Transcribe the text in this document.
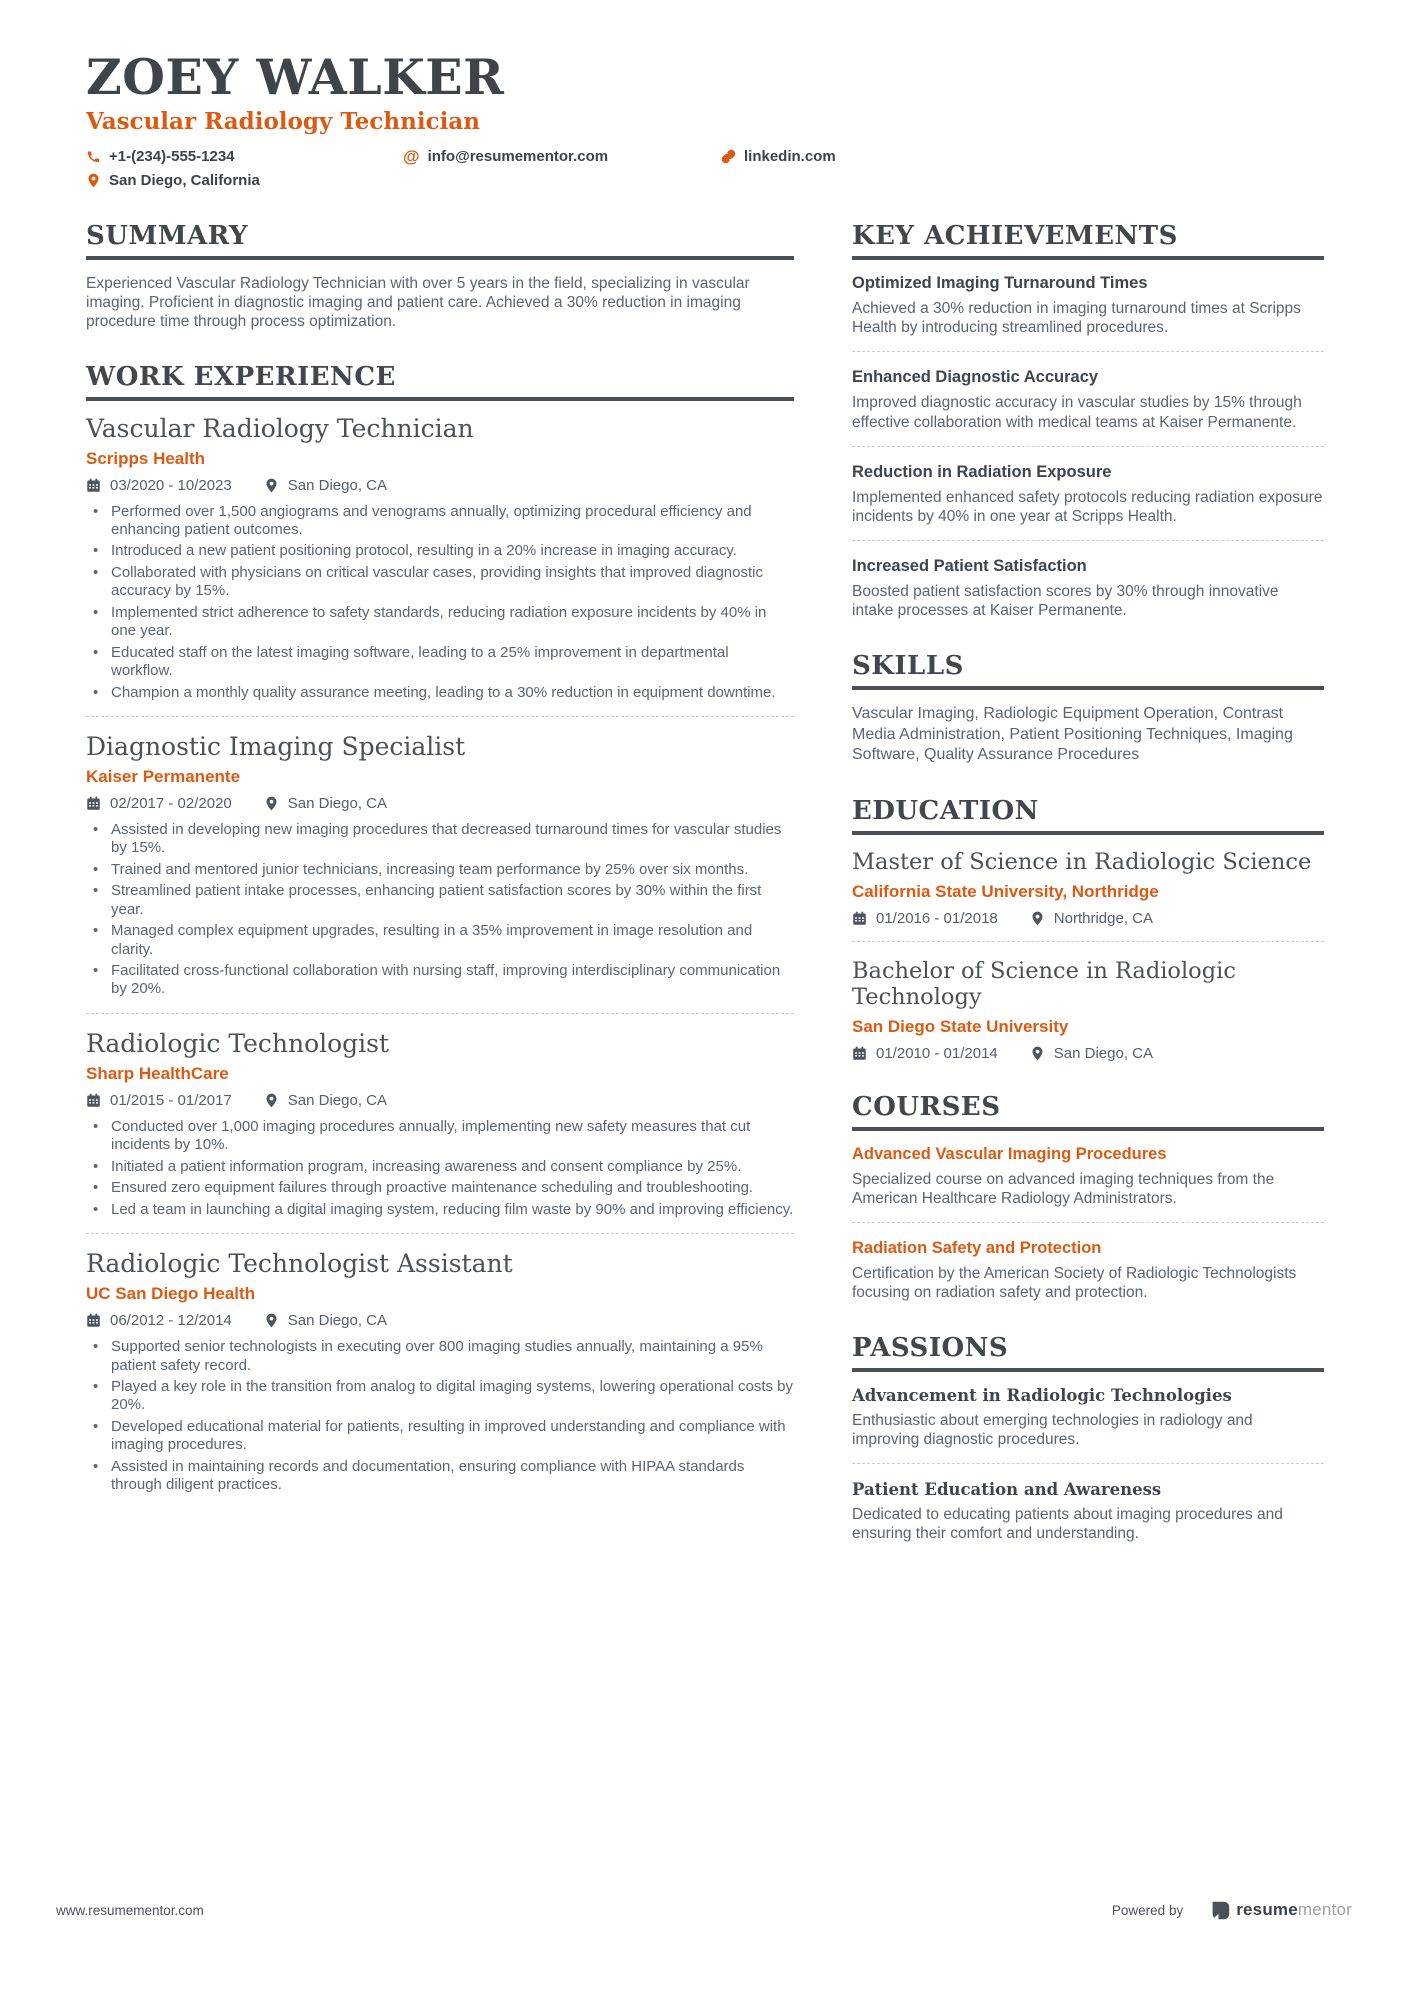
ZOEY WALKER
Vascular Radiology Technician
+1-(234)-555-1234	@ info@resumementor.com	linkedin.com
San Diego, California
SUMMARY
Experienced Vascular Radiology Technician with over 5 years in the field, specializing in vascular imaging. Proficient in diagnostic imaging and patient care. Achieved a 30% reduction in imaging procedure time through process optimization.
WORK EXPERIENCE
Vascular Radiology Technician
Scripps Health
03/2020 - 10/2023	San Diego, CA
• Performed over 1,500 angiograms and venograms annually, optimizing procedural efficiency and enhancing patient outcomes.
• Introduced a new patient positioning protocol, resulting in a 20% increase in imaging accuracy.
• Collaborated with physicians on critical vascular cases, providing insights that improved diagnostic accuracy by 15%.
• Implemented strict adherence to safety standards, reducing radiation exposure incidents by 40% in one year.
• Educated staff on the latest imaging software, leading to a 25% improvement in departmental workflow.
• Champion a monthly quality assurance meeting, leading to a 30% reduction in equipment downtime.
Diagnostic Imaging Specialist
Kaiser Permanente
02/2017 - 02/2020	San Diego, CA
• Assisted in developing new imaging procedures that decreased turnaround times for vascular studies by 15%.
• Trained and mentored junior technicians, increasing team performance by 25% over six months.
• Streamlined patient intake processes, enhancing patient satisfaction scores by 30% within the first year.
• Managed complex equipment upgrades, resulting in a 35% improvement in image resolution and clarity.
• Facilitated cross-functional collaboration with nursing staff, improving interdisciplinary communication by 20%.
Radiologic Technologist
Sharp HealthCare
01/2015 - 01/2017	San Diego, CA
• Conducted over 1,000 imaging procedures annually, implementing new safety measures that cut incidents by 10%.
• Initiated a patient information program, increasing awareness and consent compliance by 25%.
• Ensured zero equipment failures through proactive maintenance scheduling and troubleshooting.
• Led a team in launching a digital imaging system, reducing film waste by 90% and improving efficiency.
Radiologic Technologist Assistant
UC San Diego Health
06/2012 - 12/2014	San Diego, CA
• Supported senior technologists in executing over 800 imaging studies annually, maintaining a 95% patient safety record.
• Played a key role in the transition from analog to digital imaging systems, lowering operational costs by 20%.
• Developed educational material for patients, resulting in improved understanding and compliance with imaging procedures.
• Assisted in maintaining records and documentation, ensuring compliance with HIPAA standards through diligent practices.
KEY ACHIEVEMENTS
Optimized Imaging Turnaround Times
Achieved a 30% reduction in imaging turnaround times at Scripps Health by introducing streamlined procedures.
Enhanced Diagnostic Accuracy
Improved diagnostic accuracy in vascular studies by 15% through effective collaboration with medical teams at Kaiser Permanente.
Reduction in Radiation Exposure
Implemented enhanced safety protocols reducing radiation exposure incidents by 40% in one year at Scripps Health.
Increased Patient Satisfaction
Boosted patient satisfaction scores by 30% through innovative intake processes at Kaiser Permanente.
SKILLS
Vascular Imaging, Radiologic Equipment Operation, Contrast Media Administration, Patient Positioning Techniques, Imaging Software, Quality Assurance Procedures
EDUCATION
Master of Science in Radiologic Science
California State University, Northridge
01/2016 - 01/2018	Northridge, CA
Bachelor of Science in Radiologic Technology
San Diego State University
01/2010 - 01/2014	San Diego, CA
COURSES
Advanced Vascular Imaging Procedures
Specialized course on advanced imaging techniques from the American Healthcare Radiology Administrators.
Radiation Safety and Protection
Certification by the American Society of Radiologic Technologists focusing on radiation safety and protection.
PASSIONS
Advancement in Radiologic Technologies
Enthusiastic about emerging technologies in radiology and improving diagnostic procedures.
Patient Education and Awareness
Dedicated to educating patients about imaging procedures and ensuring their comfort and understanding.
www.resumementor.com	Powered by	resumementor
